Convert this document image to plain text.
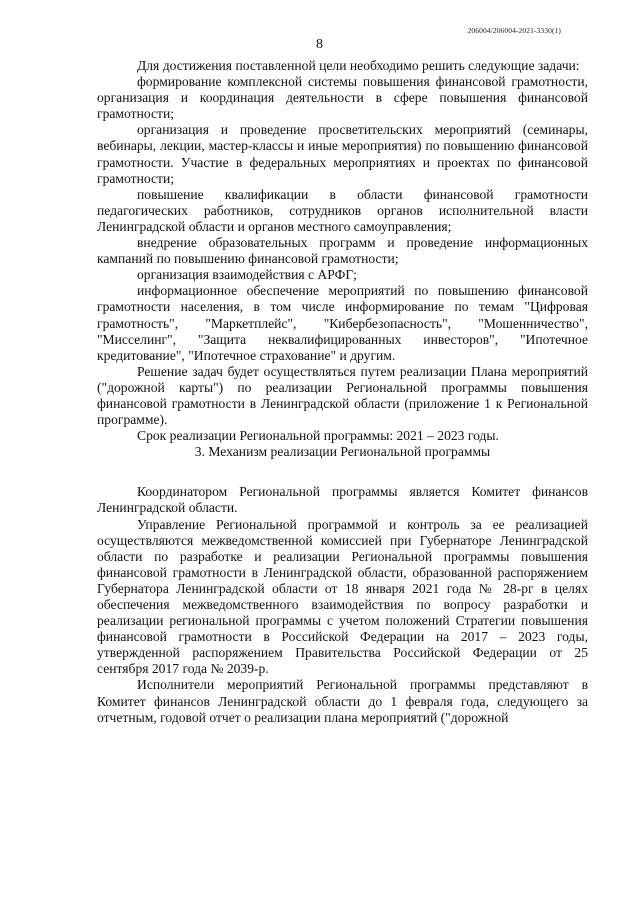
206004/206004-2021-3330(1)
8

Для достижения поставленной цели необходимо решить следующие задачи:

формирование комплексной системы повышения финансовой грамотности, организация и координация деятельности в сфере повышения финансовой грамотности;

организация и проведение просветительских мероприятий (семинары, вебинары, лекции, мастер-классы и иные мероприятия) по повышению финансовой грамотности. Участие в федеральных мероприятиях и проектах по финансовой грамотности;

повышение квалификации в области финансовой грамотности педагогических работников, сотрудников органов исполнительной власти Ленинградской области и органов местного самоуправления;

внедрение образовательных программ и проведение информационных кампаний по повышению финансовой грамотности;

организация взаимодействия с АРФГ;

информационное обеспечение мероприятий по повышению финансовой грамотности населения, в том числе информирование по темам "Цифровая грамотность", "Маркетплейс", "Кибербезопасность", "Мошенничество", "Мисселинг", "Защита неквалифицированных инвесторов", "Ипотечное кредитование", "Ипотечное страхование" и другим.

Решение задач будет осуществляться путем реализации Плана мероприятий ("дорожной карты") по реализации Региональной программы повышения финансовой грамотности в Ленинградской области (приложение 1 к Региональной программе).

Срок реализации Региональной программы: 2021 – 2023 годы.

3. Механизм реализации Региональной программы

Координатором Региональной программы является Комитет финансов Ленинградской области.

Управление Региональной программой и контроль за ее реализацией осуществляются межведомственной комиссией при Губернаторе Ленинградской области по разработке и реализации Региональной программы повышения финансовой грамотности в Ленинградской области, образованной распоряжением Губернатора Ленинградской области от 18 января 2021 года № 28-рг в целях обеспечения межведомственного взаимодействия по вопросу разработки и реализации региональной программы с учетом положений Стратегии повышения финансовой грамотности в Российской Федерации на 2017 – 2023 годы, утвержденной распоряжением Правительства Российской Федерации от 25 сентября 2017 года № 2039-р.

Исполнители мероприятий Региональной программы представляют в Комитет финансов Ленинградской области до 1 февраля года, следующего за отчетным, годовой отчет о реализации плана мероприятий ("дорожной
